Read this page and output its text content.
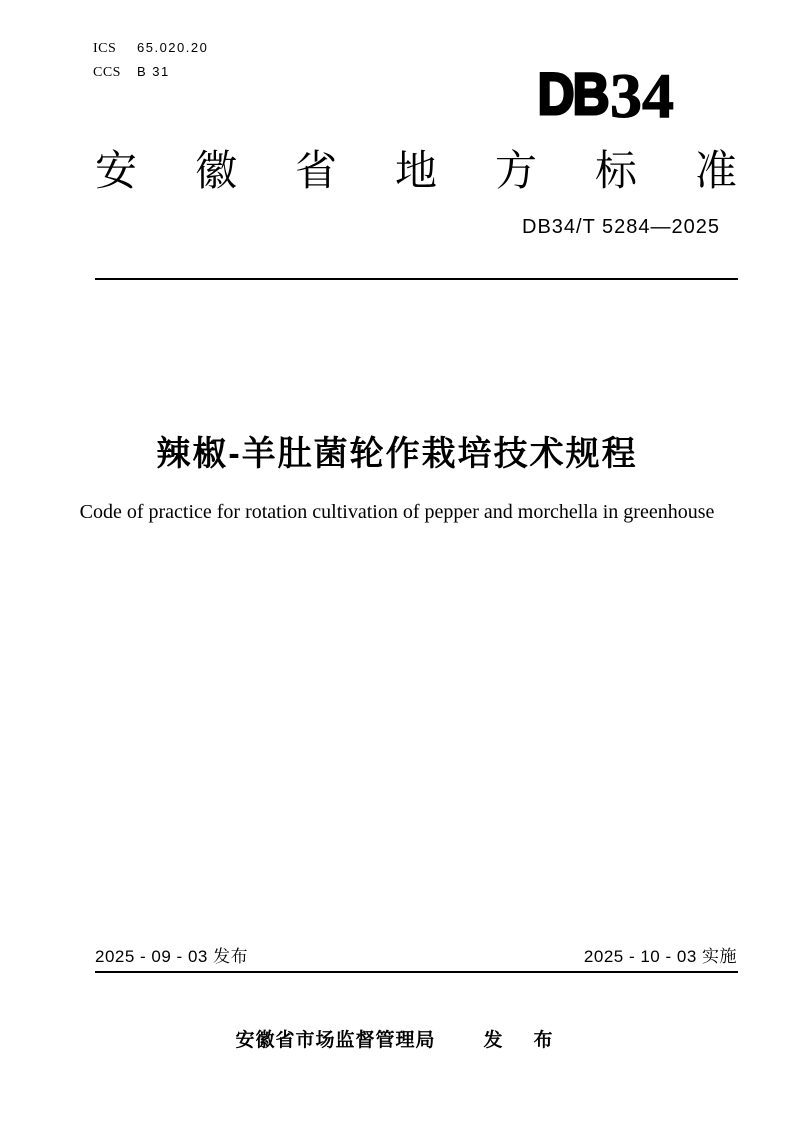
ICS	65.020.20
CCS	B 31	DB34
安徽省地方标准
DB34/T 5284—2025
辣椒-羊肚菌轮作栽培技术规程
Code of practice for rotation cultivation of pepper and morchella in greenhouse
2025 - 09 - 03 发布	2025 - 10 - 03 实施
安徽省市场监督管理局	发　布
